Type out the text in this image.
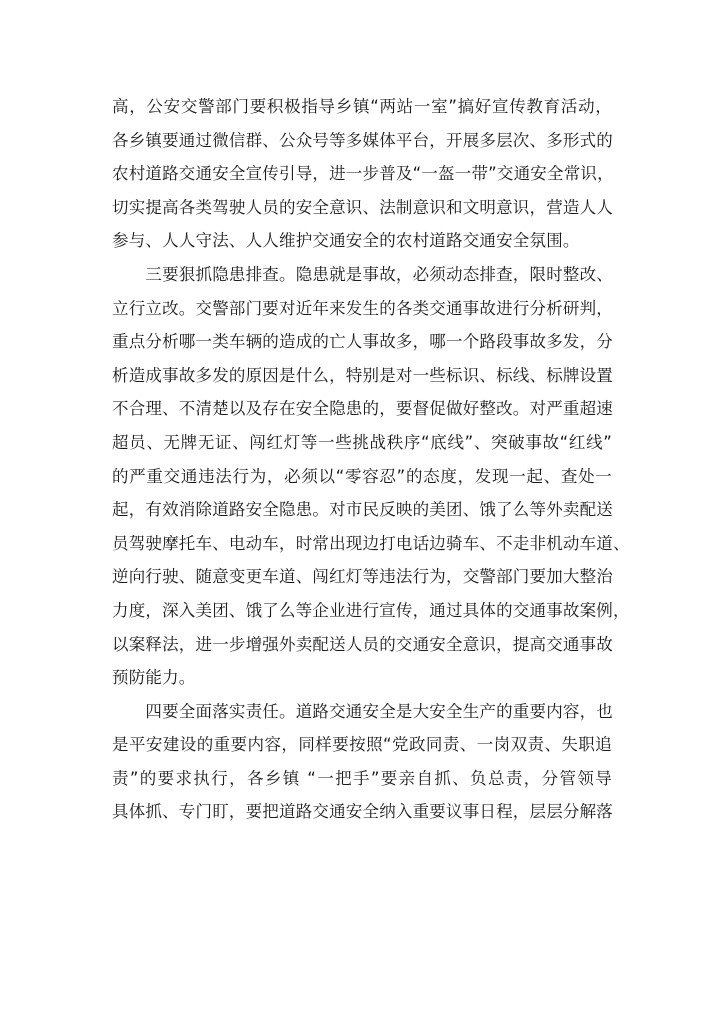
高，公安交警部门要积极指导乡镇“两站一室”搞好宣传教育活动，
各乡镇要通过微信群、公众号等多媒体平台，开展多层次、多形式的
农村道路交通安全宣传引导，进一步普及“一盔一带”交通安全常识，
切实提高各类驾驶人员的安全意识、法制意识和文明意识，营造人人
参与、人人守法、人人维护交通安全的农村道路交通安全氛围。
　　三要狠抓隐患排查。隐患就是事故，必须动态排查，限时整改、
立行立改。交警部门要对近年来发生的各类交通事故进行分析研判，
重点分析哪一类车辆的造成的亡人事故多，哪一个路段事故多发，分
析造成事故多发的原因是什么，特别是对一些标识、标线、标牌设置
不合理、不清楚以及存在安全隐患的，要督促做好整改。对严重超速
超员、无牌无证、闯红灯等一些挑战秩序“底线”、突破事故“红线”
的严重交通违法行为，必须以“零容忍”的态度，发现一起、查处一
起，有效消除道路安全隐患。对市民反映的美团、饿了么等外卖配送
员驾驶摩托车、电动车，时常出现边打电话边骑车、不走非机动车道、
逆向行驶、随意变更车道、闯红灯等违法行为，交警部门要加大整治
力度，深入美团、饿了么等企业进行宣传，通过具体的交通事故案例，
以案释法，进一步增强外卖配送人员的交通安全意识，提高交通事故
预防能力。
　　四要全面落实责任。道路交通安全是大安全生产的重要内容，也
是平安建设的重要内容，同样要按照“党政同责、一岗双责、失职追
责”的要求执行，各乡镇 “一把手”要亲自抓、负总责，分管领导
具体抓、专门盯，要把道路交通安全纳入重要议事日程，层层分解落
